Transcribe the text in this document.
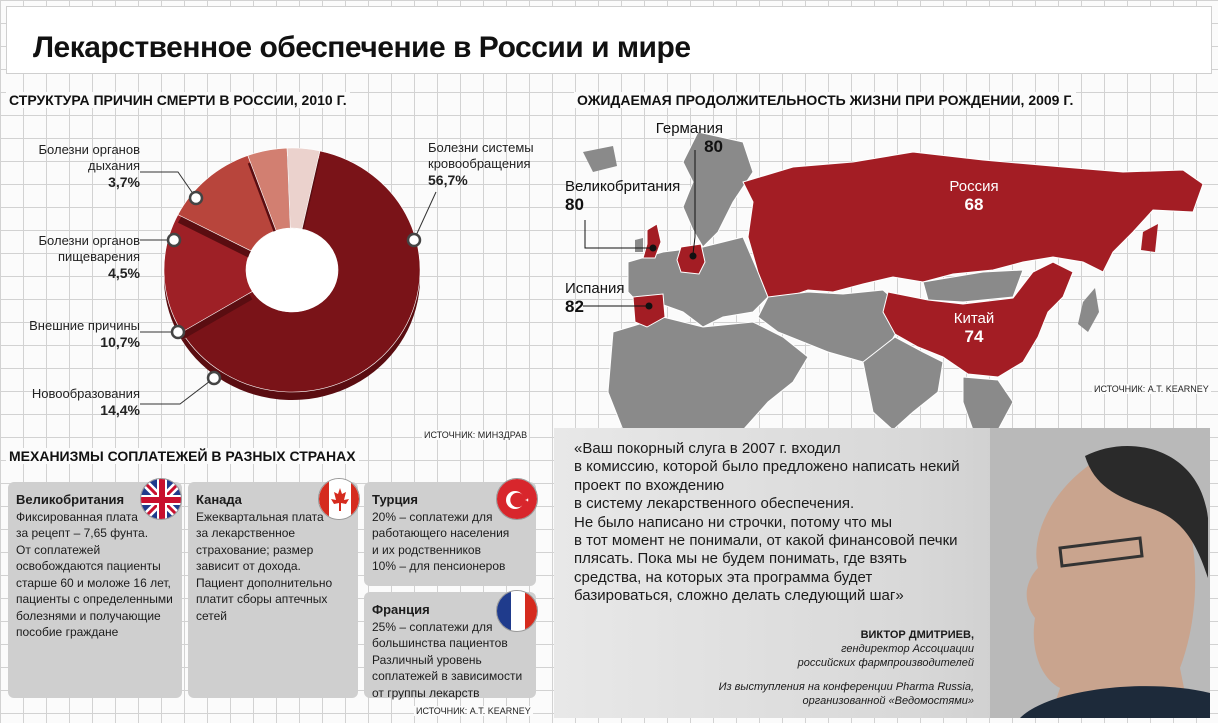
Лекарственное обеспечение в России и мире
СТРУКТУРА ПРИЧИН СМЕРТИ В РОССИИ, 2010 Г.
Болезни органов
дыхания
3,7%
Болезни органов
пищеварения
4,5%
Внешние причины
10,7%
Новообразования
14,4%
Болезни системы
кровообращения
56,7%
ИСТОЧНИК: МИНЗДРАВ
ОЖИДАЕМАЯ ПРОДОЛЖИТЕЛЬНОСТЬ ЖИЗНИ ПРИ РОЖДЕНИИ, 2009 Г.
Германия
80
Великобритания
80
Испания
82
Россия
68
Китай
74
ИСТОЧНИК: A.T. KEARNEY
МЕХАНИЗМЫ СОПЛАТЕЖЕЙ В РАЗНЫХ СТРАНАХ
Великобритания
Фиксированная плата
за рецепт – 7,65 фунта.
От соплатежей
освобождаются пациенты
старше 60 и моложе 16 лет,
пациенты с определенными
болезнями и получающие
пособие граждане
Канада
Ежеквартальная плата
за лекарственное
страхование; размер
зависит от дохода.
Пациент дополнительно
платит сборы аптечных
сетей
Турция
20% – соплатежи для
работающего населения
и их родственников
10% – для пенсионеров
Франция
25% – соплатежи для
большинства пациентов
Различный уровень
соплатежей в зависимости
от группы лекарств
ИСТОЧНИК: A.T. KEARNEY
«Ваш покорный слуга в 2007 г. входил
в комиссию, которой было предложено написать некий
проект по вхождению
в систему лекарственного обеспечения.
Не было написано ни строчки, потому что мы
в тот момент не понимали, от какой финансовой печки
плясать. Пока мы не будем понимать, где взять
средства, на которых эта программа будет
базироваться, сложно делать следующий шаг»
ВИКТОР ДМИТРИЕВ,
гендиректор Ассоциации
российских фармпроизводителей
Из выступления на конференции Pharma Russia,
организованной «Ведомостями»
